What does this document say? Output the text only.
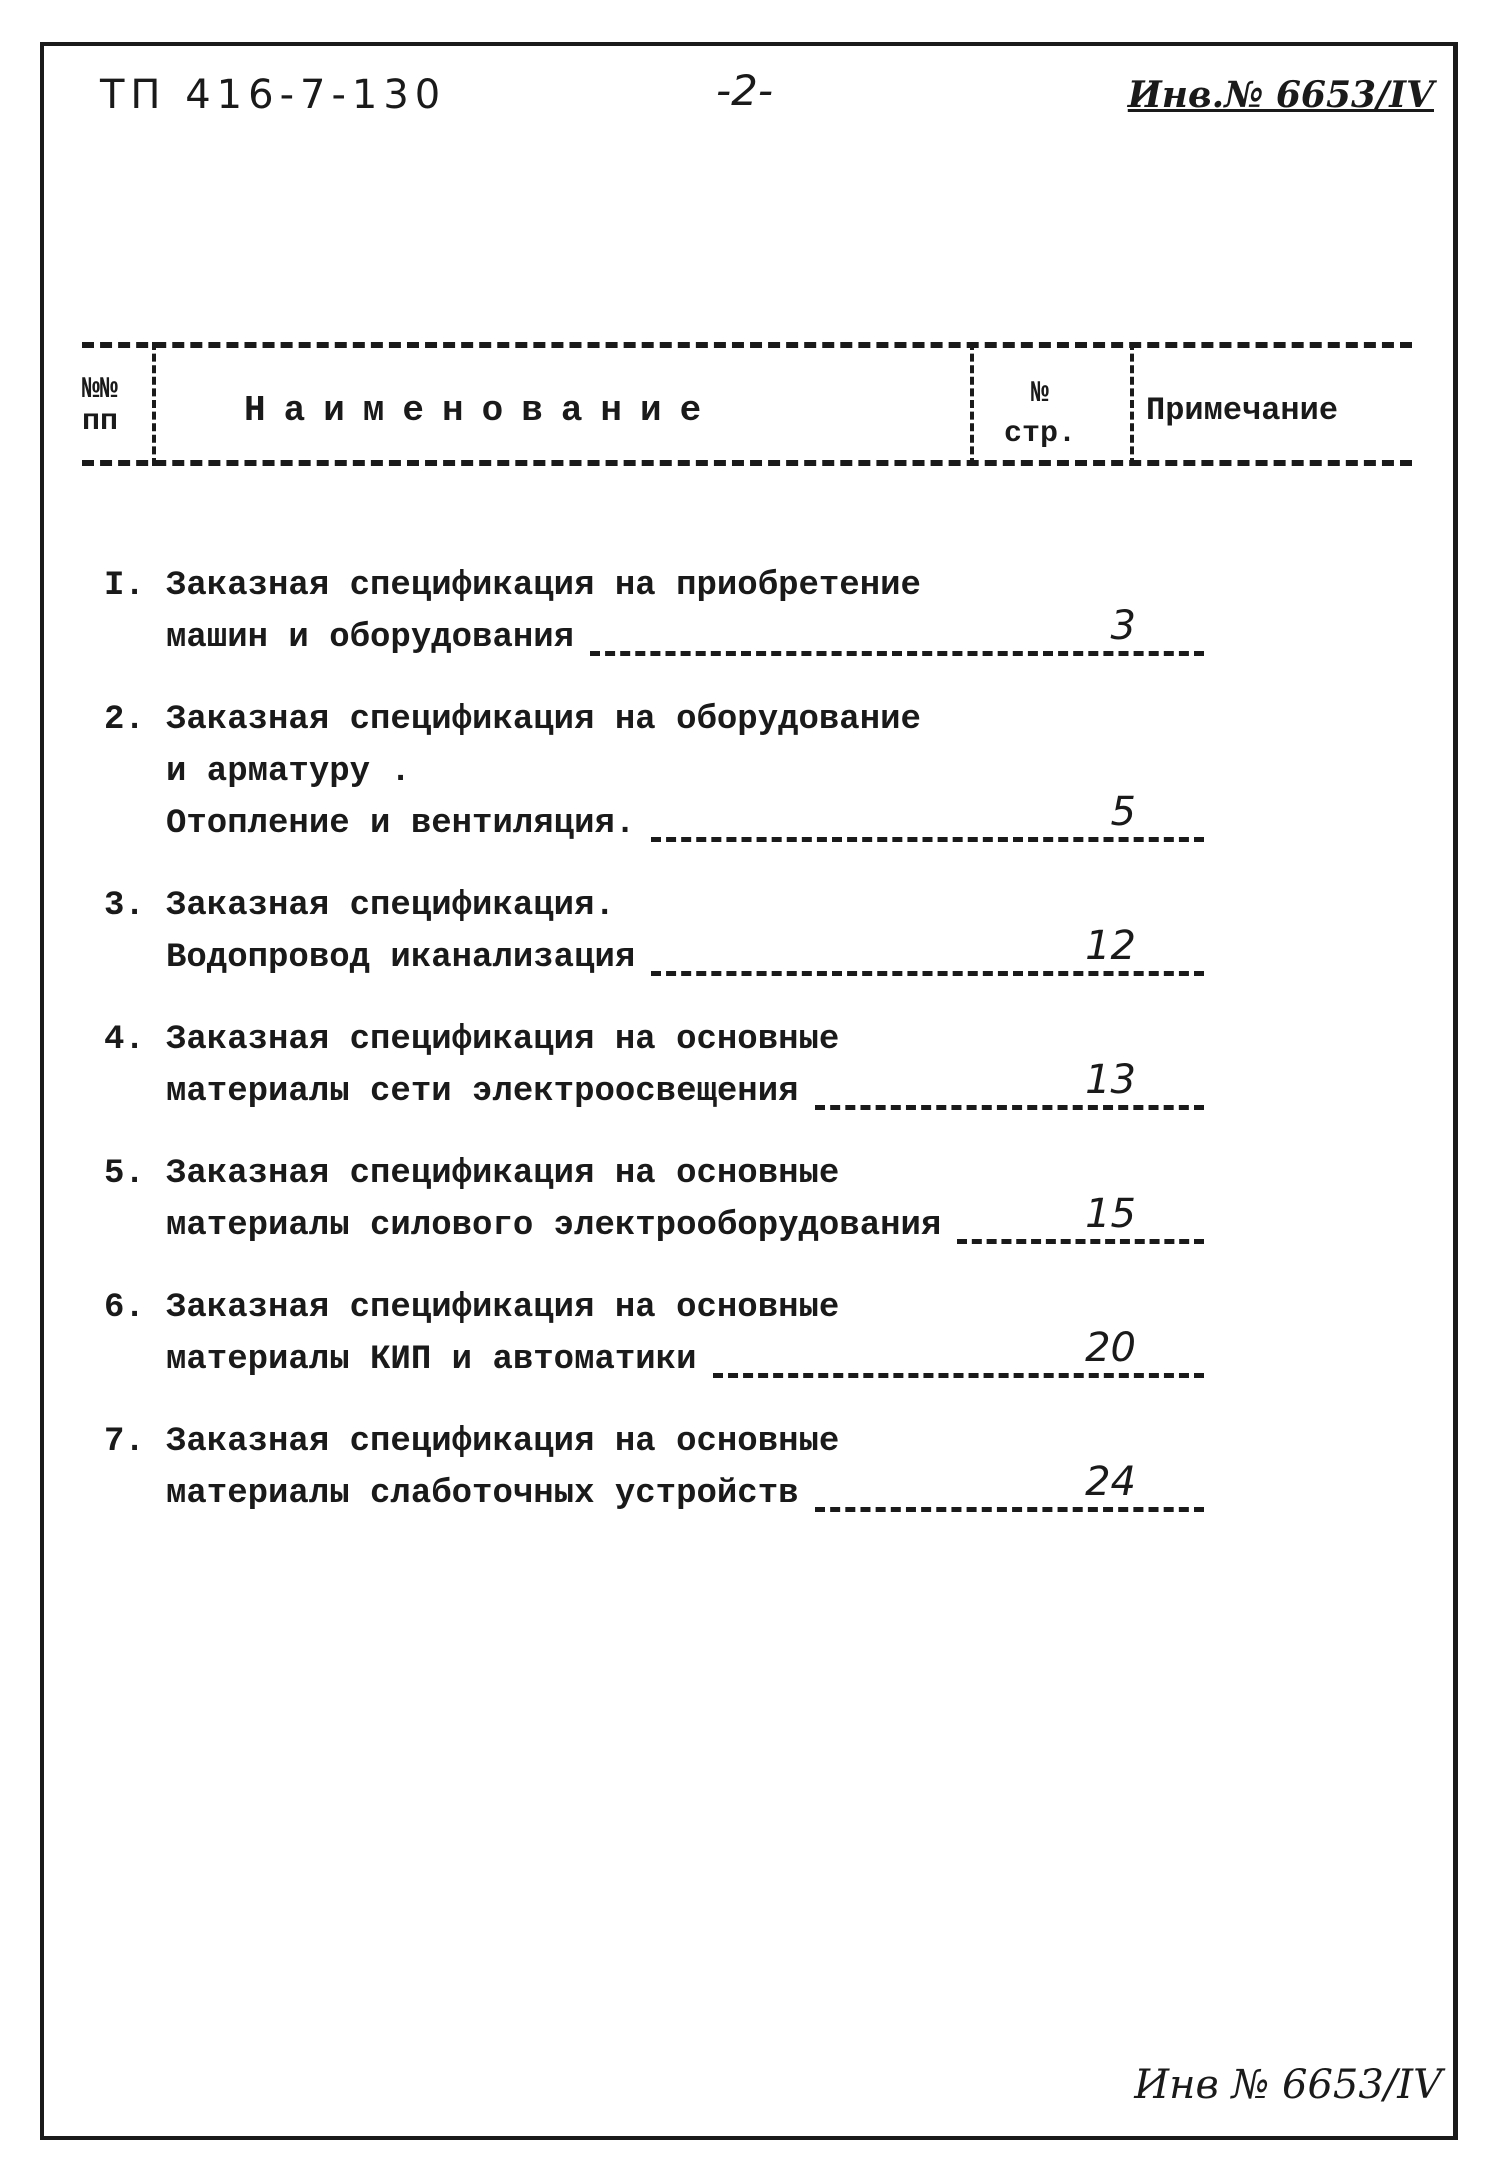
ТП 416-7-130	-2-	Инв.№ 6653/IV
№№ пп	Наименование	№ стр.
Примечание
I. Заказная спецификация на приобретение
машин и оборудования	3
2. Заказная спецификация на оборудование
и арматуру .
Отопление и вентиляция.	5
3. Заказная спецификация.
Водопровод иканализация	12
4. Заказная спецификация на основные
материалы сети электроосвещения	13
5. Заказная спецификация на основные
материалы силового электрооборудования	15
6. Заказная спецификация на основные
материалы КИП и автоматики	20
7. Заказная спецификация на основные
материалы слаботочных устройств	24
Инв № 6653/IV
